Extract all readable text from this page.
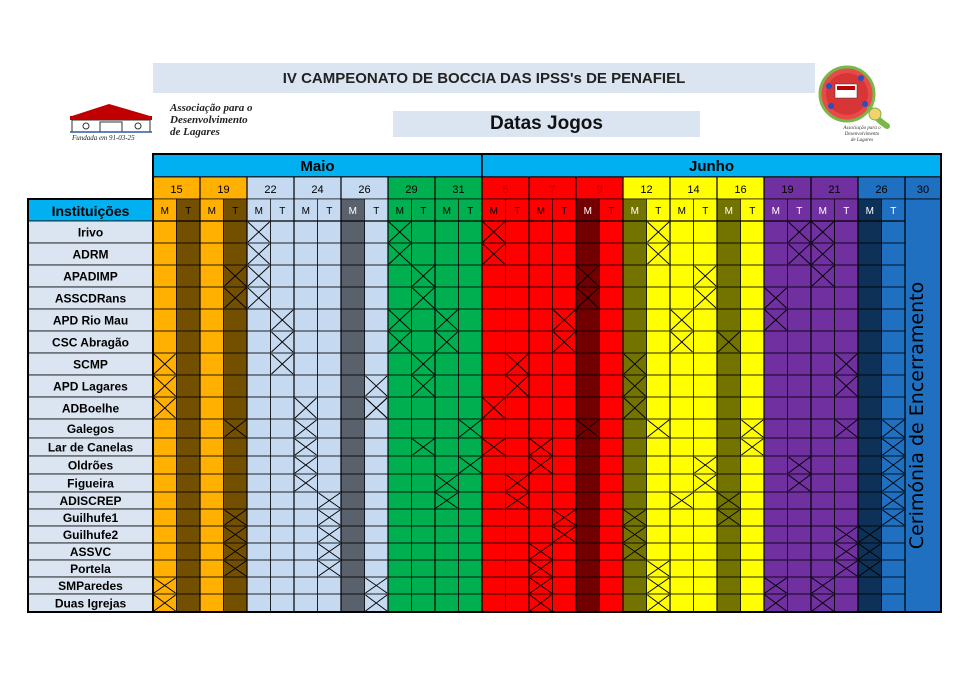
IV CAMPEONATO DE BOCCIA DAS IPSS's DE PENAFIEL
Datas Jogos
Associação para o
Desenvolvimento
de Lagares
Fundada em 91-03-25
Associação para o
Desenvolvimento
de Lagares
Maio	Junho
15	19	22	24	26	29	31	5	7	9	12	14	16	19	21	26	30
Instituições	M T M T M T M T M T M T M T M T M T M T M T M T M T M T M T M T
Irivo
ADRM
APADIMP
ASSCDRans
APD Rio Mau
CSC Abragão
SCMP
APD Lagares
ADBoelhe
Galegos
Lar de Canelas
Oldrões
Figueira
ADISCREP
Guilhufe1
Guilhufe2
ASSVC
Portela
SMParedes
Duas Igrejas
Cerimónia de Encerramento
